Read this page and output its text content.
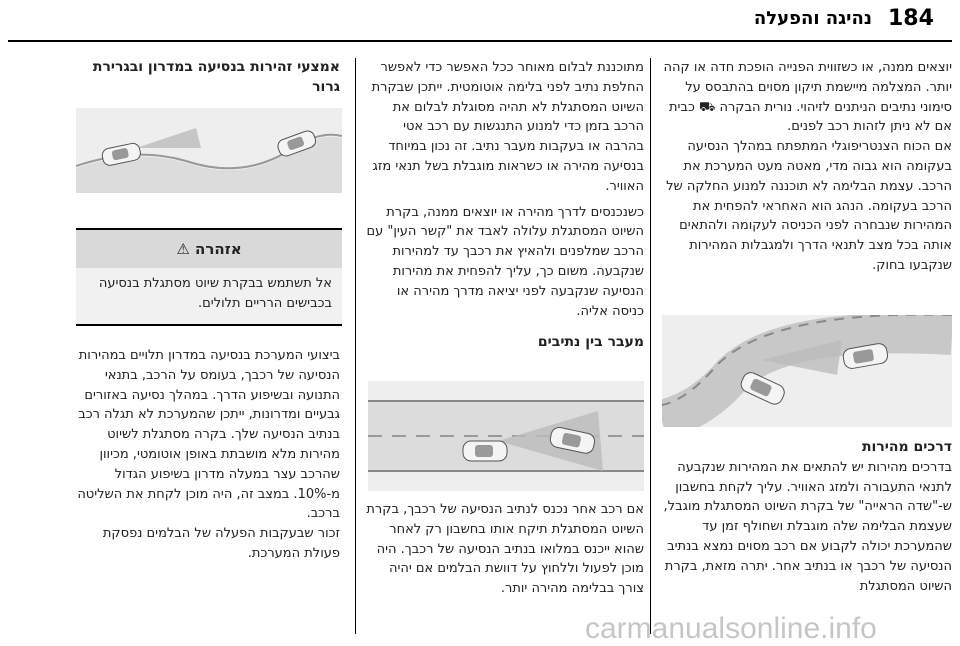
184
נהיגה והפעלה

יוצאים ממנה, או כשזווית הפנייה הופכת חדה או קהה יותר. המצלמה מיישמת תיקון מסוים בהתבסס על סימוני נתיבים הניתנים לזיהוי. נורית הבקרה ⛟ כבית אם לא ניתן לזהות רכב לפנים.

אם הכוח הצנטריפוגלי המתפתח במהלך הנסיעה בעקומה הוא גבוה מדי, מאטה מעט המערכת את הרכב. עצמת הבלימה לא תוכננה למנוע החלקה של הרכב בעקומה. הנהג הוא האחראי להפחית את המהירות שנבחרה לפני הכניסה לעקומה ולהתאים אותה בכל מצב לתנאי הדרך ולמגבלות המהירות שנקבעו בחוק.

דרכים מהירות

בדרכים מהירות יש להתאים את המהירות שנקבעה לתנאי התעבורה ולמזג האוויר. עליך לקחת בחשבון ש-"שדה הראייה" של בקרת השיוט המסתגלת מוגבל, שעצמת הבלימה שלה מוגבלת ושחולף זמן עד שהמערכת יכולה לקבוע אם רכב מסוים נמצא בנתיב הנסיעה של רכבך או בנתיב אחר. יתרה מזאת, בקרת השיוט המסתגלת

מתוכננת לבלום מאוחר ככל האפשר כדי לאפשר החלפת נתיב לפני בלימה אוטומטית. ייתכן שבקרת השיוט המסתגלת לא תהיה מסוגלת לבלום את הרכב בזמן כדי למנוע התנגשות עם רכב אטי בהרבה או בעקבות מעבר נתיב. זה נכון במיוחד בנסיעה מהירה או כשראות מוגבלת בשל תנאי מזג האוויר.

כשנכנסים לדרך מהירה או יוצאים ממנה, בקרת השיוט המסתגלת עלולה לאבד את "קשר העין" עם הרכב שמלפנים ולהאיץ את רכבך עד למהירות שנקבעה. משום כך, עליך להפחית את מהירות הנסיעה שנקבעה לפני יציאה מדרך מהירה או כניסה אליה.

מעבר בין נתיבים

אם רכב אחר נכנס לנתיב הנסיעה של רכבך, בקרת השיוט המסתגלת תיקח אותו בחשבון רק לאחר שהוא ייכנס במלואו בנתיב הנסיעה של רכבך. היה מוכן לפעול וללחוץ על דוושת הבלמים אם יהיה צורך בבלימה מהירה יותר.

אמצעי זהירות בנסיעה במדרון ובגרירת גרור

אזהרה ⚠
אל תשתמש בבקרת שיוט מסתגלת בנסיעה בכבישים הרריים תלולים.

ביצועי המערכת בנסיעה במדרון תלויים במהירות הנסיעה של רכבך, בעומס על הרכב, בתנאי התנועה ובשיפוע הדרך. במהלך נסיעה באזורים גבעיים ומדרונות, ייתכן שהמערכת לא תגלה רכב בנתיב הנסיעה שלך. בקרה מסתגלת לשיוט מהירות מלא מושבתת באופן אוטומטי, מכיוון שהרכב עצר במעלה מדרון בשיפוע הגדול מ-10%. במצב זה, היה מוכן לקחת את השליטה ברכב.

זכור שבעקבות הפעלה של הבלמים נפסקת פעולת המערכת.

carmanualsonline.info
